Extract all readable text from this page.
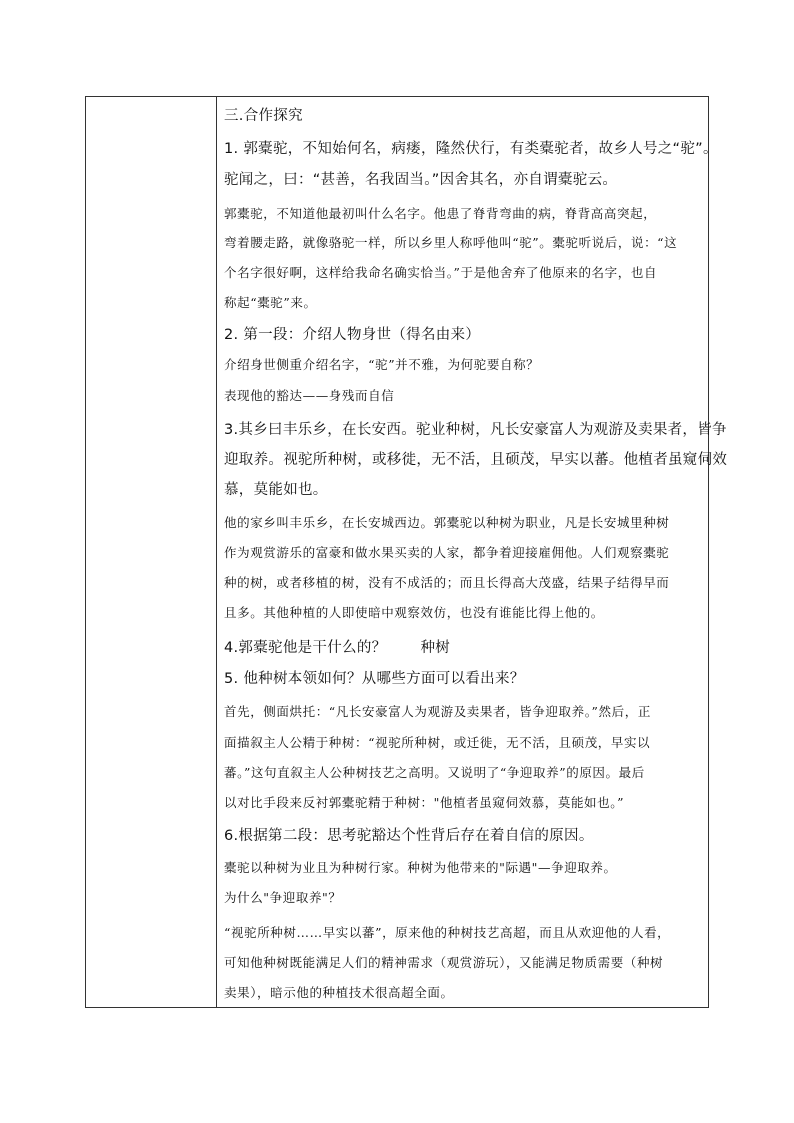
三.合作探究
1. 郭橐驼，不知始何名，病瘘，隆然伏行，有类橐驼者，故乡人号之“驼”。
驼闻之，曰：“甚善，名我固当。”因舍其名，亦自谓橐驼云。
郭橐驼，不知道他最初叫什么名字。他患了脊背弯曲的病，脊背高高突起，
弯着腰走路，就像骆驼一样，所以乡里人称呼他叫“驼”。橐驼听说后，说：“这
个名字很好啊，这样给我命名确实恰当。”于是他舍弃了他原来的名字，也自
称起“橐驼”来。
2. 第一段：介绍人物身世（得名由来）
介绍身世侧重介绍名字，“驼”并不雅，为何驼要自称？
表现他的豁达——身残而自信
3.其乡曰丰乐乡，在长安西。驼业种树，凡长安豪富人为观游及卖果者，皆争
迎取养。视驼所种树，或移徙，无不活，且硕茂，早实以蕃。他植者虽窥伺效
慕，莫能如也。
他的家乡叫丰乐乡，在长安城西边。郭橐驼以种树为职业，凡是长安城里种树
作为观赏游乐的富豪和做水果买卖的人家，都争着迎接雇佣他。人们观察橐驼
种的树，或者移植的树，没有不成活的；而且长得高大茂盛，结果子结得早而
且多。其他种植的人即使暗中观察效仿，也没有谁能比得上他的。
4.郭橐驼他是干什么的？ 种树
5. 他种树本领如何？从哪些方面可以看出来？
首先，侧面烘托：“凡长安豪富人为观游及卖果者，皆争迎取养。”然后，正
面描叙主人公精于种树：“视驼所种树，或迁徙，无不活，且硕茂，早实以
蕃。”这句直叙主人公种树技艺之高明。又说明了“争迎取养”的原因。最后
以对比手段来反衬郭橐驼精于种树："他植者虽窥伺效慕，莫能如也。”
6.根据第二段：思考驼豁达个性背后存在着自信的原因。
橐驼以种树为业且为种树行家。种树为他带来的"际遇"—争迎取养。
为什么"争迎取养"？
“视驼所种树……早实以蕃”，原来他的种树技艺高超，而且从欢迎他的人看，
可知他种树既能满足人们的精神需求（观赏游玩），又能满足物质需要（种树
卖果），暗示他的种植技术很高超全面。
